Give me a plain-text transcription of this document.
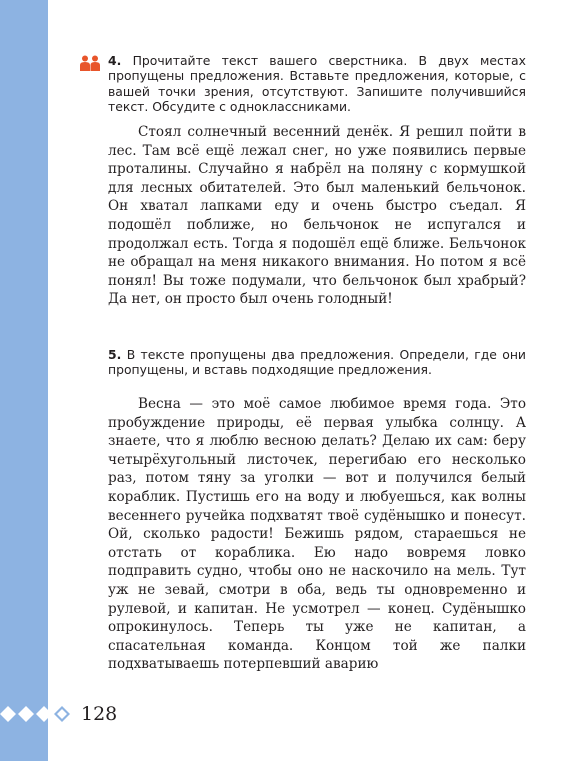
4. Прочитайте текст вашего сверстника. В двух местах пропущены предложения. Вставьте предложения, которые, с вашей точки зрения, отсутствуют. Запишите получившийся текст. Обсудите с одноклассниками.
Стоял солнечный весенний денёк. Я решил пойти в лес. Там всё ещё лежал снег, но уже появились первые проталины. Случайно я набрёл на поляну с кормушкой для лесных обитателей. Это был маленький бельчонок. Он хватал лапками еду и очень быстро съедал. Я подошёл поближе, но бельчонок не испугался и продолжал есть. Тогда я подошёл ещё ближе. Бельчонок не обращал на меня никакого внимания. Но потом я всё понял! Вы тоже подумали, что бельчонок был храбрый? Да нет, он просто был очень голодный!
5. В тексте пропущены два предложения. Определи, где они пропущены, и вставь подходящие предложения.
Весна — это моё самое любимое время года. Это пробуждение природы, её первая улыбка солнцу. А знаете, что я люблю весною делать? Делаю их сам: беру четырёхугольный листочек, перегибаю его несколько раз, потом тяну за уголки — вот и получился белый кораблик. Пустишь его на воду и любуешься, как волны весеннего ручейка подхватят твоё судёнышко и понесут. Ой, сколько радости! Бежишь рядом, стараешься не отстать от кораблика. Ею надо вовремя ловко подправить судно, чтобы оно не наскочило на мель. Тут уж не зевай, смотри в оба, ведь ты одновременно и рулевой, и капитан. Не усмотрел — конец. Судёнышко опрокинулось. Теперь ты уже не капитан, а спасательная команда. Концом той же палки подхватываешь потерпевший аварию
128
